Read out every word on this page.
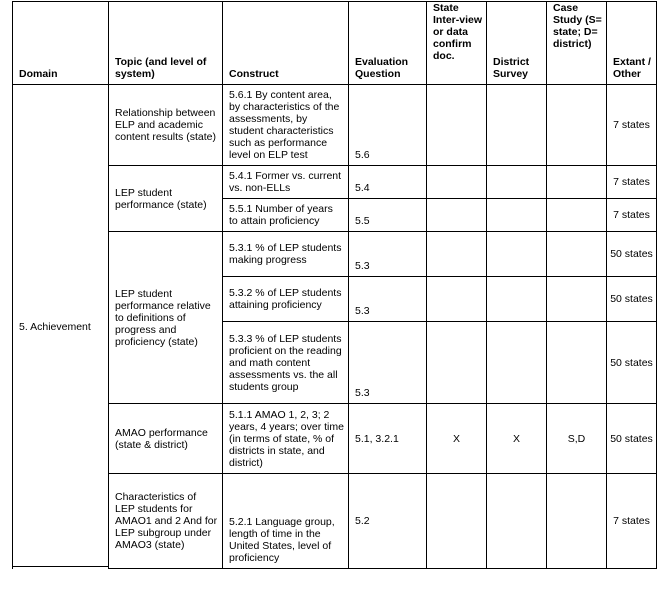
Domain	Topic (and level of system)	Construct	Evaluation Question	State Inter-view or data confirm doc.	District Survey	Case Study (S= state; D= district)	Extant / Other
5. Achievement	Relationship between ELP and academic content results (state)	5.6.1 By content area, by characteristics of the assessments, by student characteristics such as performance level on ELP test	5.6				7 states
	LEP student performance (state)	5.4.1 Former vs. current vs. non-ELLs	5.4				7 states
		5.5.1 Number of years to attain proficiency	5.5				7 states
	LEP student performance relative to definitions of progress and proficiency (state)	5.3.1 % of LEP students making progress	5.3				50 states
		5.3.2 % of LEP students attaining proficiency	5.3				50 states
		5.3.3 % of LEP students proficient on the reading and math content assessments vs. the all students group	5.3				50 states
	AMAO performance (state & district)	5.1.1 AMAO 1, 2, 3; 2 years, 4 years; over time (in terms of state, % of districts in state, and district)	5.1, 3.2.1	X	X	S,D	50 states
	Characteristics of LEP students for AMAO1 and 2 And for LEP subgroup under AMAO3 (state)	5.2.1 Language group, length of time in the United States, level of proficiency	5.2				7 states
